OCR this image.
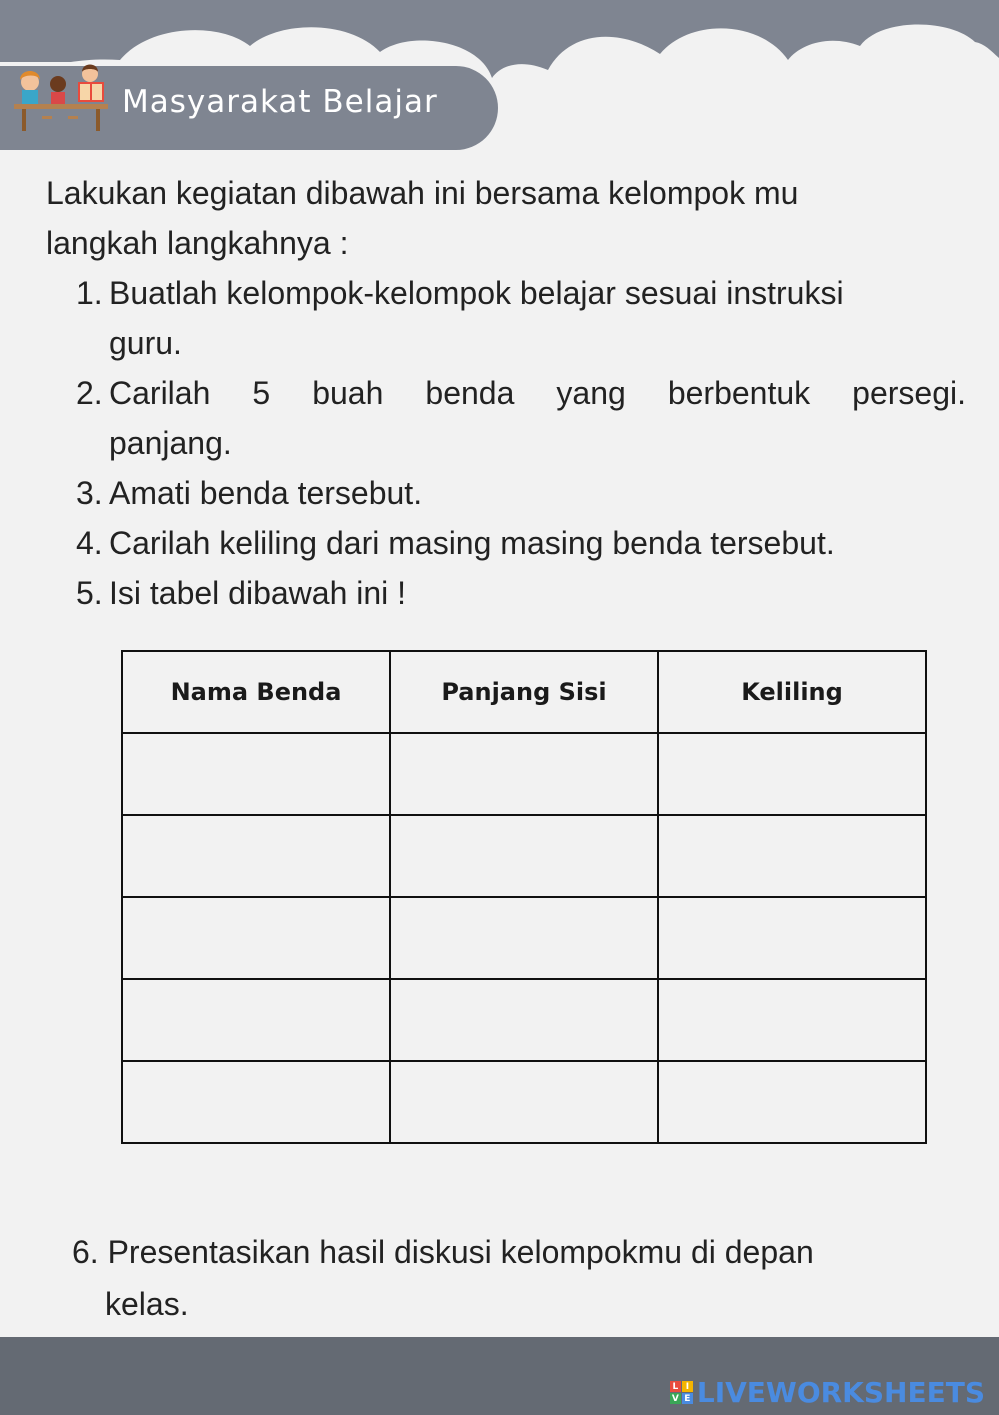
Masyarakat Belajar
Lakukan kegiatan dibawah ini bersama kelompok mu
langkah langkahnya :
1. Buatlah kelompok-kelompok belajar sesuai instruksi
guru.
2. Carilah 5 buah benda yang berbentuk persegi.
panjang.
3. Amati benda tersebut.
4. Carilah keliling dari masing masing benda tersebut.
5. Isi tabel dibawah ini !
Nama Benda	Panjang Sisi	Keliling

6. Presentasikan hasil diskusi kelompokmu di depan
kelas.
L I
V E LIVEWORKSHEETS
